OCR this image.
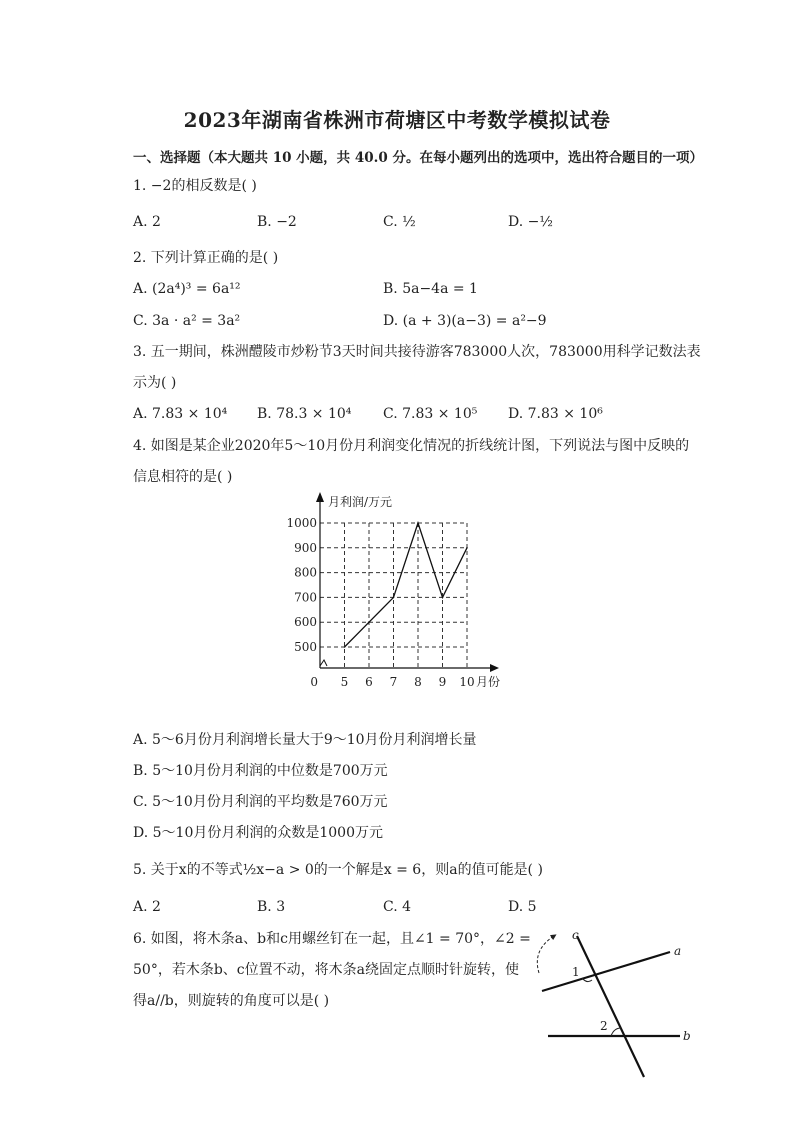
2023年湖南省株洲市荷塘区中考数学模拟试卷
一、选择题（本大题共 10 小题，共 40.0 分。在每小题列出的选项中，选出符合题目的一项）
1. −2的相反数是( )
A. 2	B. −2	C. ½	D. −½
2. 下列计算正确的是( )
A. (2a⁴)³ = 6a¹²	B. 5a−4a = 1
C. 3a · a² = 3a²	D. (a + 3)(a−3) = a²−9
3. 五一期间，株洲醴陵市炒粉节3天时间共接待游客783000人次，783000用科学记数法表
示为( )
A. 7.83 × 10⁴ B. 78.3 × 10⁴ C. 7.83 × 10⁵ D. 7.83 × 10⁶
4. 如图是某企业2020年5～10月份月利润变化情况的折线统计图，下列说法与图中反映的
信息相符的是( )
500
600
700
800
900
1000
5 6 7 8 9 10
0
月利润/万元
月份
A. 5～6月份月利润增长量大于9～10月份月利润增长量
B. 5～10月份月利润的中位数是700万元
C. 5～10月份月利润的平均数是760万元
D. 5～10月份月利润的众数是1000万元
5. 关于x的不等式½x−a > 0的一个解是x = 6，则a的值可能是( )
A. 2	B. 3	C. 4	D. 5
6. 如图，将木条a、b和c用螺丝钉在一起，且∠1 = 70°，∠2 =
50°，若木条b、c位置不动，将木条a绕固定点顺时针旋转，使
得a//b，则旋转的角度可以是( )
1
2
c
a
b
